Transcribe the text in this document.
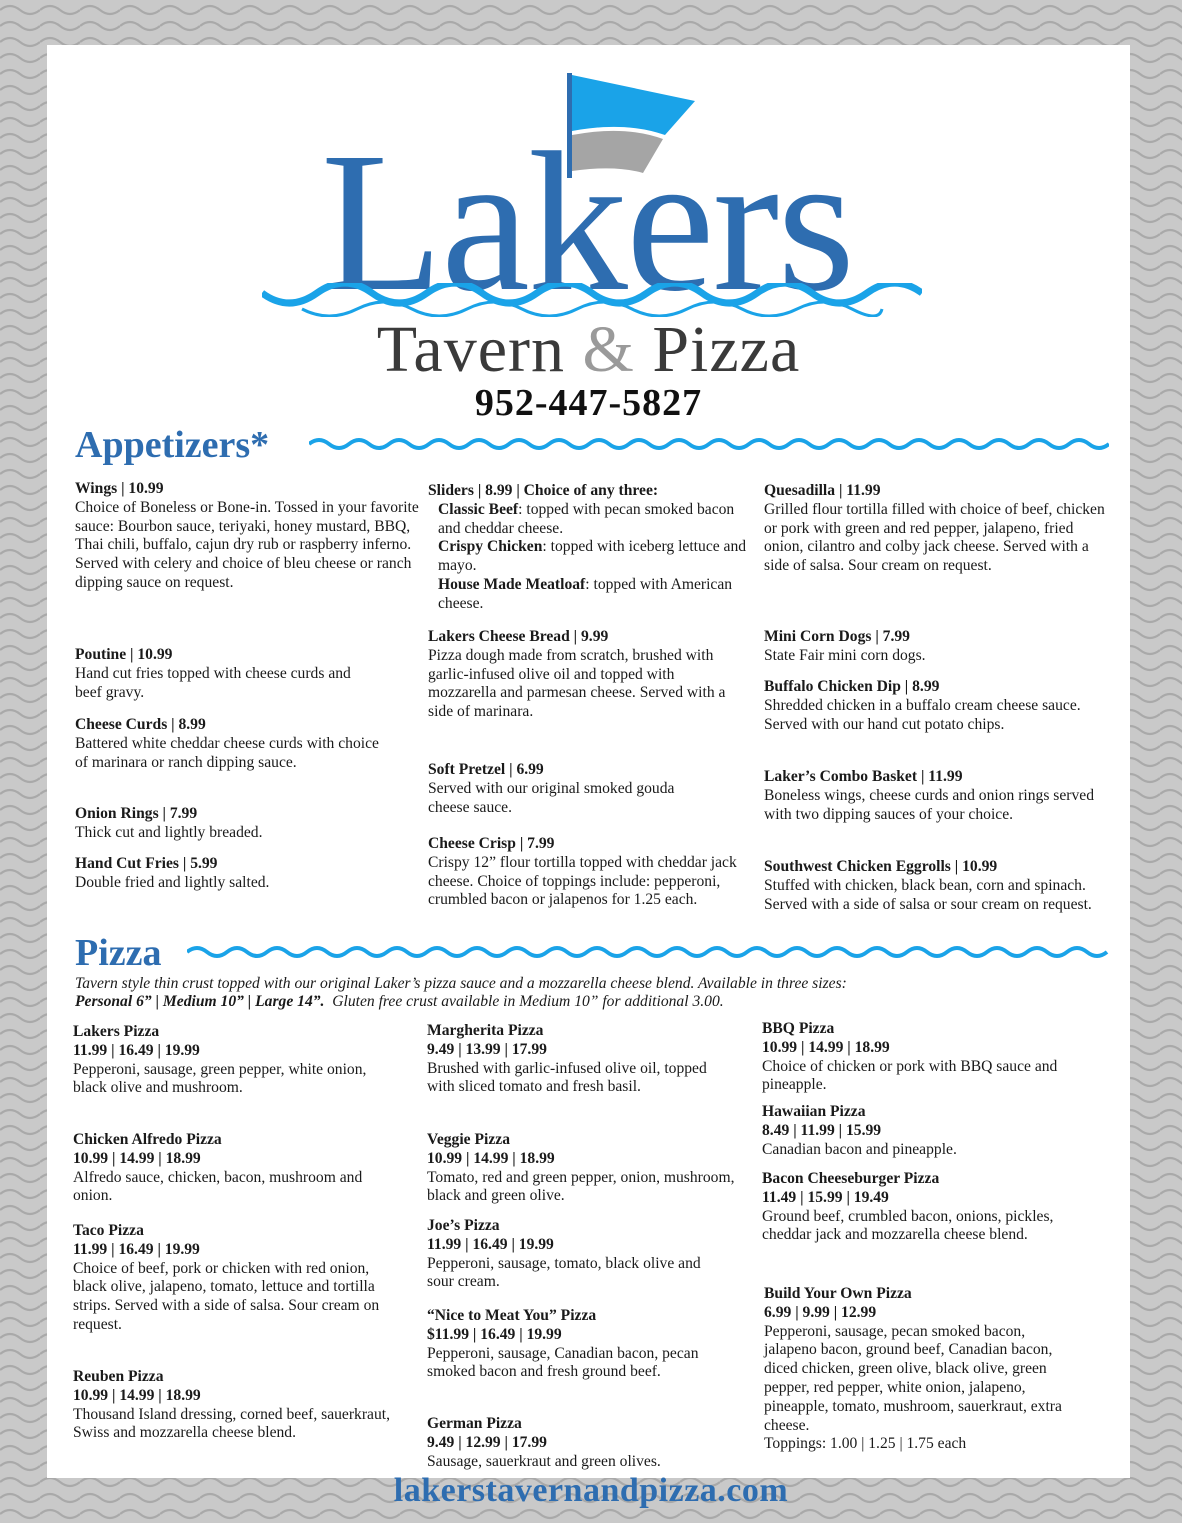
Lakers
Tavern & Pizza
952-447-5827
Appetizers*
Wings | 10.99
Choice of Boneless or Bone-in. Tossed in your favorite sauce: Bourbon sauce, teriyaki, honey mustard, BBQ, Thai chili, buffalo, cajun dry rub or raspberry inferno. Served with celery and choice of bleu cheese or ranch dipping sauce on request.
Poutine | 10.99
Hand cut fries topped with cheese curds and beef gravy.
Cheese Curds | 8.99
Battered white cheddar cheese curds with choice of marinara or ranch dipping sauce.
Onion Rings | 7.99
Thick cut and lightly breaded.
Hand Cut Fries | 5.99
Double fried and lightly salted.
Sliders | 8.99 | Choice of any three:
Classic Beef: topped with pecan smoked bacon and cheddar cheese.
Crispy Chicken: topped with iceberg lettuce and mayo.
House Made Meatloaf: topped with American cheese.
Lakers Cheese Bread | 9.99
Pizza dough made from scratch, brushed with garlic-infused olive oil and topped with mozzarella and parmesan cheese. Served with a side of marinara.
Soft Pretzel | 6.99
Served with our original smoked gouda cheese sauce.
Cheese Crisp | 7.99
Crispy 12” flour tortilla topped with cheddar jack cheese. Choice of toppings include: pepperoni, crumbled bacon or jalapenos for 1.25 each.
Quesadilla | 11.99
Grilled flour tortilla filled with choice of beef, chicken or pork with green and red pepper, jalapeno, fried onion, cilantro and colby jack cheese. Served with a side of salsa. Sour cream on request.
Mini Corn Dogs | 7.99
State Fair mini corn dogs.
Buffalo Chicken Dip | 8.99
Shredded chicken in a buffalo cream cheese sauce. Served with our hand cut potato chips.
Laker’s Combo Basket | 11.99
Boneless wings, cheese curds and onion rings served with two dipping sauces of your choice.
Southwest Chicken Eggrolls | 10.99
Stuffed with chicken, black bean, corn and spinach. Served with a side of salsa or sour cream on request.
Pizza
Tavern style thin crust topped with our original Laker’s pizza sauce and a mozzarella cheese blend. Available in three sizes:
Personal 6” | Medium 10” | Large 14”. Gluten free crust available in Medium 10” for additional 3.00.
Lakers Pizza
11.99 | 16.49 | 19.99
Pepperoni, sausage, green pepper, white onion, black olive and mushroom.
Chicken Alfredo Pizza
10.99 | 14.99 | 18.99
Alfredo sauce, chicken, bacon, mushroom and onion.
Taco Pizza
11.99 | 16.49 | 19.99
Choice of beef, pork or chicken with red onion, black olive, jalapeno, tomato, lettuce and tortilla strips. Served with a side of salsa. Sour cream on request.
Reuben Pizza
10.99 | 14.99 | 18.99
Thousand Island dressing, corned beef, sauerkraut, Swiss and mozzarella cheese blend.
Margherita Pizza
9.49 | 13.99 | 17.99
Brushed with garlic-infused olive oil, topped with sliced tomato and fresh basil.
Veggie Pizza
10.99 | 14.99 | 18.99
Tomato, red and green pepper, onion, mushroom, black and green olive.
Joe’s Pizza
11.99 | 16.49 | 19.99
Pepperoni, sausage, tomato, black olive and sour cream.
“Nice to Meat You” Pizza
$11.99 | 16.49 | 19.99
Pepperoni, sausage, Canadian bacon, pecan smoked bacon and fresh ground beef.
German Pizza
9.49 | 12.99 | 17.99
Sausage, sauerkraut and green olives.
BBQ Pizza
10.99 | 14.99 | 18.99
Choice of chicken or pork with BBQ sauce and pineapple.
Hawaiian Pizza
8.49 | 11.99 | 15.99
Canadian bacon and pineapple.
Bacon Cheeseburger Pizza
11.49 | 15.99 | 19.49
Ground beef, crumbled bacon, onions, pickles, cheddar jack and mozzarella cheese blend.
Build Your Own Pizza
6.99 | 9.99 | 12.99
Pepperoni, sausage, pecan smoked bacon, jalapeno bacon, ground beef, Canadian bacon, diced chicken, green olive, black olive, green pepper, red pepper, white onion, jalapeno, pineapple, tomato, mushroom, sauerkraut, extra cheese.
Toppings: 1.00 | 1.25 | 1.75 each
lakerstavernandpizza.com
